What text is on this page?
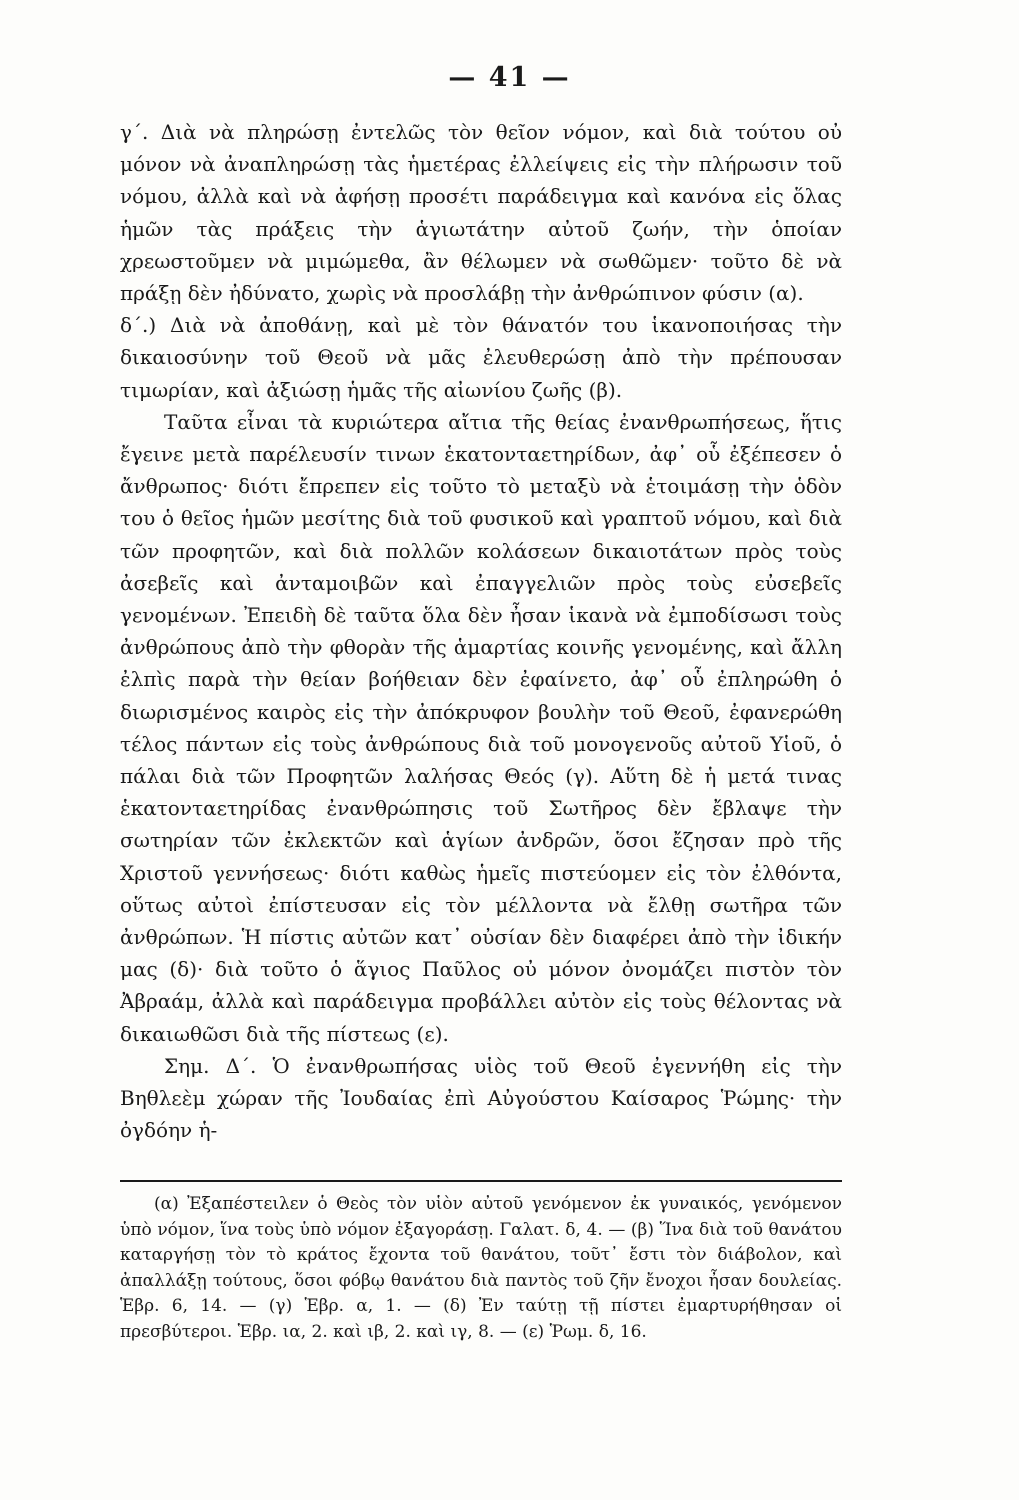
— 41 —

γ΄. Διὰ νὰ πληρώσῃ ἐντελῶς τὸν θεῖον νόμον, καὶ διὰ τούτου οὐ μόνον νὰ ἀναπληρώσῃ τὰς ἡμετέρας ἐλλείψεις εἰς τὴν πλήρωσιν τοῦ νόμου, ἀλλὰ καὶ νὰ ἀφήσῃ προσέτι παράδειγμα καὶ κανόνα εἰς ὅλας ἡμῶν τὰς πράξεις τὴν ἁγιωτάτην αὐτοῦ ζωήν, τὴν ὁποίαν χρεωστοῦμεν νὰ μιμώμεθα, ἂν θέλωμεν νὰ σωθῶμεν· τοῦτο δὲ νὰ πράξῃ δὲν ἠδύνατο, χωρὶς νὰ προσλάβῃ τὴν ἀνθρώπινον φύσιν (α).

δ΄.) Διὰ νὰ ἀποθάνῃ, καὶ μὲ τὸν θάνατόν του ἱκανοποιήσας τὴν δικαιοσύνην τοῦ Θεοῦ νὰ μᾶς ἐλευθερώσῃ ἀπὸ τὴν πρέπουσαν τιμωρίαν, καὶ ἀξιώσῃ ἡμᾶς τῆς αἰωνίου ζωῆς (β).

Ταῦτα εἶναι τὰ κυριώτερα αἴτια τῆς θείας ἐνανθρωπήσεως, ἥτις ἔγεινε μετὰ παρέλευσίν τινων ἑκατονταετηρίδων, ἀφ᾽ οὗ ἐξέπεσεν ὁ ἄνθρωπος· διότι ἔπρεπεν εἰς τοῦτο τὸ μεταξὺ νὰ ἑτοιμάσῃ τὴν ὁδὸν του ὁ θεῖος ἡμῶν μεσίτης διὰ τοῦ φυσικοῦ καὶ γραπτοῦ νόμου, καὶ διὰ τῶν προφητῶν, καὶ διὰ πολλῶν κολάσεων δικαιοτάτων πρὸς τοὺς ἀσεβεῖς καὶ ἀνταμοιβῶν καὶ ἐπαγγελιῶν πρὸς τοὺς εὐσεβεῖς γενομένων. Ἐπειδὴ δὲ ταῦτα ὅλα δὲν ἦσαν ἱκανὰ νὰ ἐμποδίσωσι τοὺς ἀνθρώπους ἀπὸ τὴν φθορὰν τῆς ἁμαρτίας κοινῆς γενομένης, καὶ ἄλλη ἐλπὶς παρὰ τὴν θείαν βοήθειαν δὲν ἐφαίνετο, ἀφ᾽ οὗ ἐπληρώθη ὁ διωρισμένος καιρὸς εἰς τὴν ἀπόκρυφον βουλὴν τοῦ Θεοῦ, ἐφανερώθη τέλος πάντων εἰς τοὺς ἀνθρώπους διὰ τοῦ μονογενοῦς αὐτοῦ Υἱοῦ, ὁ πάλαι διὰ τῶν Προφητῶν λαλήσας Θεός (γ). Αὕτη δὲ ἡ μετά τινας ἑκατονταετηρίδας ἐνανθρώπησις τοῦ Σωτῆρος δὲν ἔβλαψε τὴν σωτηρίαν τῶν ἐκλεκτῶν καὶ ἁγίων ἀνδρῶν, ὅσοι ἔζησαν πρὸ τῆς Χριστοῦ γεννήσεως· διότι καθὼς ἡμεῖς πιστεύομεν εἰς τὸν ἐλθόντα, οὕτως αὐτοὶ ἐπίστευσαν εἰς τὸν μέλλοντα νὰ ἔλθῃ σωτῆρα τῶν ἀνθρώπων. Ἡ πίστις αὐτῶν κατ᾽ οὐσίαν δὲν διαφέρει ἀπὸ τὴν ἰδικήν μας (δ)· διὰ τοῦτο ὁ ἅγιος Παῦλος οὐ μόνον ὀνομάζει πιστὸν τὸν Ἀβραάμ, ἀλλὰ καὶ παράδειγμα προβάλλει αὐτὸν εἰς τοὺς θέλοντας νὰ δικαιωθῶσι διὰ τῆς πίστεως (ε).

Σημ. Δ΄. Ὁ ἐνανθρωπήσας υἱὸς τοῦ Θεοῦ ἐγεννήθη εἰς τὴν Βηθλεὲμ χώραν τῆς Ἰουδαίας ἐπὶ Αὐγούστου Καίσαρος Ῥώμης· τὴν ὀγδόην ἡ-

(α) Ἐξαπέστειλεν ὁ Θεὸς τὸν υἱὸν αὐτοῦ γενόμενον ἐκ γυναικός, γενόμενον ὑπὸ νόμον, ἵνα τοὺς ὑπὸ νόμον ἐξαγοράσῃ. Γαλατ. δ, 4. — (β) Ἵνα διὰ τοῦ θανάτου καταργήσῃ τὸν τὸ κράτος ἔχοντα τοῦ θανάτου, τοῦτ᾽ ἔστι τὸν διάβολον, καὶ ἀπαλλάξῃ τούτους, ὅσοι φόβῳ θανάτου διὰ παντὸς τοῦ ζῆν ἔνοχοι ἦσαν δουλείας. Ἑβρ. 6, 14. — (γ) Ἑβρ. α, 1. — (δ) Ἐν ταύτῃ τῇ πίστει ἐμαρτυρήθησαν οἱ πρεσβύτεροι. Ἑβρ. ια, 2. καὶ ιβ, 2. καὶ ιγ, 8. — (ε) Ῥωμ. δ, 16.
